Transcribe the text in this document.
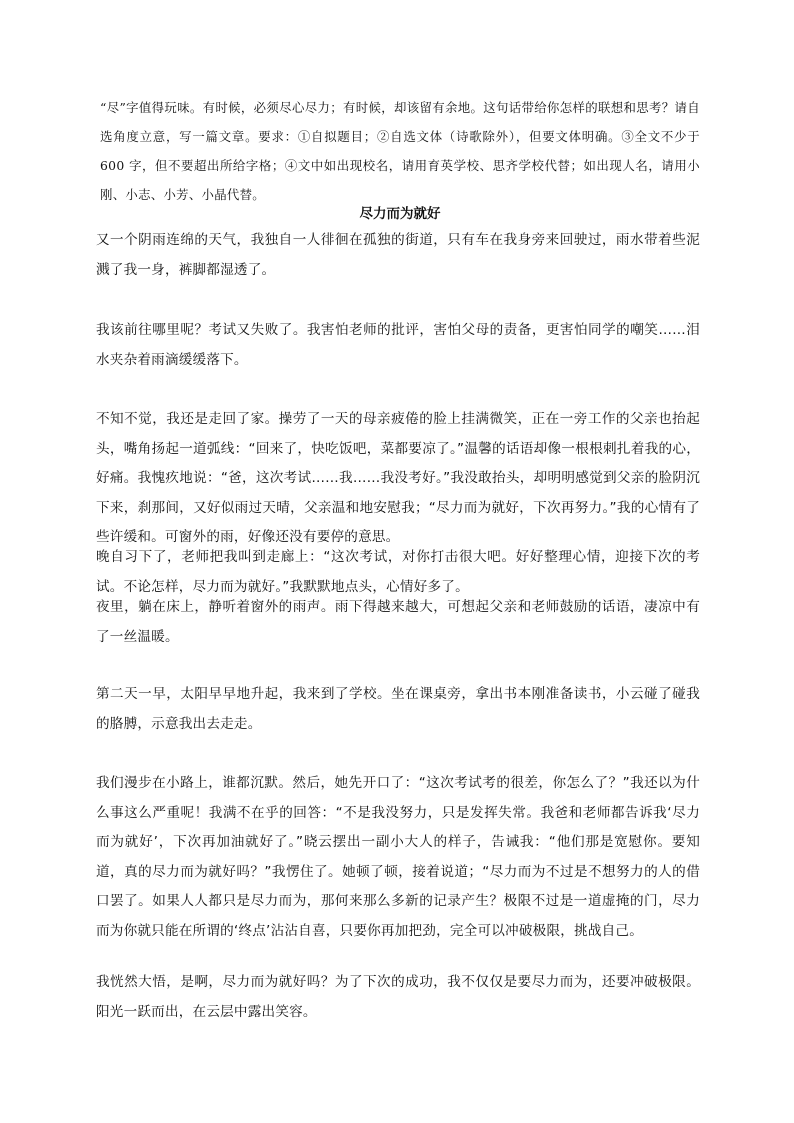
“尽”字值得玩味。有时候，必须尽心尽力；有时候，却该留有余地。这句话带给你怎样的联想和思考？请自选角度立意，写一篇文章。要求：①自拟题目；②自选文体（诗歌除外），但要文体明确。③全文不少于 600 字，但不要超出所给字格；④文中如出现校名，请用育英学校、思齐学校代替；如出现人名，请用小刚、小志、小芳、小晶代替。

尽力而为就好

又一个阴雨连绵的天气，我独自一人徘徊在孤独的街道，只有车在我身旁来回驶过，雨水带着些泥溅了我一身，裤脚都湿透了。

我该前往哪里呢？考试又失败了。我害怕老师的批评，害怕父母的责备，更害怕同学的嘲笑……泪水夹杂着雨滴缓缓落下。

不知不觉，我还是走回了家。操劳了一天的母亲疲倦的脸上挂满微笑，正在一旁工作的父亲也抬起头，嘴角扬起一道弧线：“回来了，快吃饭吧，菜都要凉了。”温馨的话语却像一根根刺扎着我的心，好痛。我愧疚地说：“爸，这次考试……我……我没考好。”我没敢抬头，却明明感觉到父亲的脸阴沉下来，刹那间，又好似雨过天晴，父亲温和地安慰我；“尽力而为就好，下次再努力。”我的心情有了些许缓和。可窗外的雨，好像还没有要停的意思。

晚自习下了，老师把我叫到走廊上：“这次考试，对你打击很大吧。好好整理心情，迎接下次的考试。不论怎样，尽力而为就好。”我默默地点头，心情好多了。

夜里，躺在床上，静听着窗外的雨声。雨下得越来越大，可想起父亲和老师鼓励的话语，凄凉中有了一丝温暖。

第二天一早，太阳早早地升起，我来到了学校。坐在课桌旁，拿出书本刚准备读书，小云碰了碰我的胳膊，示意我出去走走。

我们漫步在小路上，谁都沉默。然后，她先开口了：“这次考试考的很差，你怎么了？”我还以为什么事这么严重呢！我满不在乎的回答：“不是我没努力，只是发挥失常。我爸和老师都告诉我‘尽力而为就好’，下次再加油就好了。”晓云摆出一副小大人的样子，告诫我：“他们那是宽慰你。要知道，真的尽力而为就好吗？”我愣住了。她顿了顿，接着说道；“尽力而为不过是不想努力的人的借口罢了。如果人人都只是尽力而为，那何来那么多新的记录产生？极限不过是一道虚掩的门，尽力而为你就只能在所谓的‘终点’沾沾自喜，只要你再加把劲，完全可以冲破极限，挑战自己。

我恍然大悟，是啊，尽力而为就好吗？为了下次的成功，我不仅仅是要尽力而为，还要冲破极限。阳光一跃而出，在云层中露出笑容。
